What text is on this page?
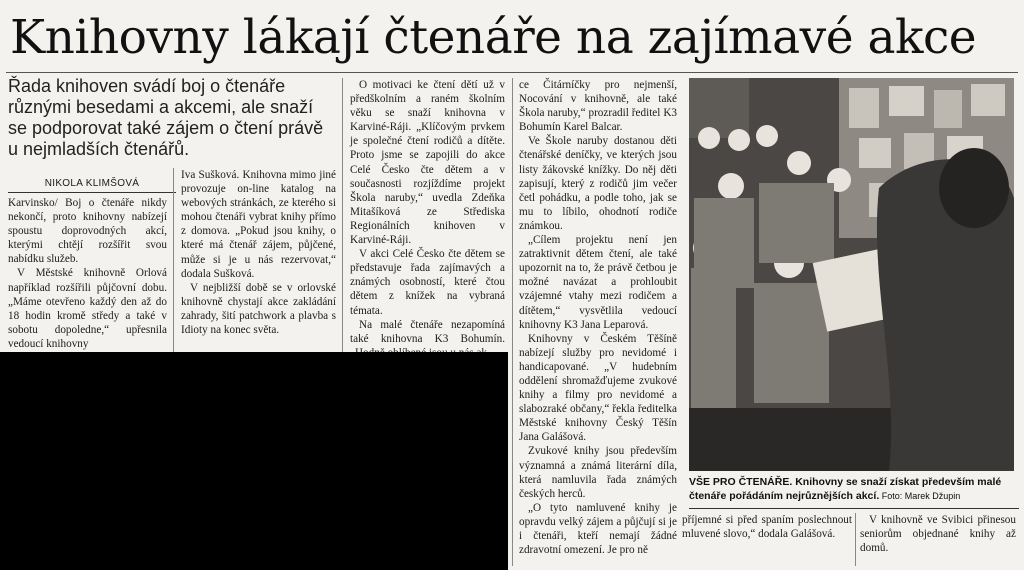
Knihovny lákají čtenáře na zajímavé akce
Řada knihoven svádí boj o čtenáře různými besedami a akcemi, ale snaží se podporovat také zájem o čtení právě u nejmladších čtenářů.
NIKOLA KLIMŠOVÁ

Karvinsko/ Boj o čtenáře nikdy nekončí, proto knihovny nabízejí spoustu doprovodných akcí, kterými chtějí rozšířit svou nabídku služeb.

V Městské knihovně Orlová například rozšířili půjčovní dobu. „Máme otevřeno každý den až do 18 hodin kromě středy a také v sobotu dopoledne,“ upřesnila vedoucí knihovny

Iva Sušková. Knihovna mimo jiné provozuje on-line katalog na webových stránkách, ze kterého si mohou čtenáři vybrat knihy přímo z domova. „Pokud jsou knihy, o které má čtenář zájem, půjčené, může si je u nás rezervovat,“ dodala Sušková.

V nejbližší době se v orlovské knihovně chystají akce zakládání zahrady, šití patchwork a plavba s Idioty na konec světa.

O motivaci ke čtení dětí už v předškolním a raném školním věku se snaží knihovna v Karviné-Ráji. „Klíčovým prvkem je společné čtení rodičů a dítěte. Proto jsme se zapojili do akce Celé Česko čte dětem a v současnosti rozjíždíme projekt Škola naruby,“ uvedla Zdeňka Mitašíková ze Střediska Regionálních knihoven v Karviné-Ráji.

V akci Celé Česko čte dětem se představuje řada zajímavých a známých osobností, které čtou dětem z knížek na vybraná témata.

Na malé čtenáře nezapomíná také knihovna K3 Bohumín.

ce Čitárníčky pro nejmenší, Nocování v knihovně, ale také Škola naruby,“ prozradil ředitel K3 Bohumín Karel Balcar.

Ve Škole naruby dostanou děti čtenářské deníčky, ve kterých jsou listy žákovské knížky. Do něj děti zapisují, který z rodičů jim večer četl pohádku, a podle toho, jak se mu to líbilo, ohodnotí rodiče známkou.

„Cílem projektu není jen zatraktivnit dětem čtení, ale také upozornit na to, že právě četbou je možné navázat a prohloubit vzájemné vtahy mezi rodičem a dítětem,“ vysvětlila vedoucí knihovny K3 Jana Leparová.

Knihovny v Českém Těšíně nabízejí služby pro nevidomé i handicapované. „V hudebním oddělení shromažďujeme zvukové knihy a filmy pro nevidomé a slabozraké občany,“ řekla ředitelka Městské knihovny Český Těšín Jana Galášová.

Zvukové knihy jsou především významná a známá literární díla, která namluvila řada známých českých herců.

„O tyto namluvené knihy je opravdu velký zájem a půjčují si je i čtenáři, kteří nemají žádné zdravotní omezení. Je pro ně

VŠE PRO ČTENÁŘE. Knihovny se snaží získat především malé čtenáře pořádáním nejrůznějších akcí. Foto: Marek Džupin

příjemné si před spaním poslechnout mluvené slovo,“ dodala Galášová.

V knihovně ve Svibici přinesou seniorům objednané knihy až domů.
